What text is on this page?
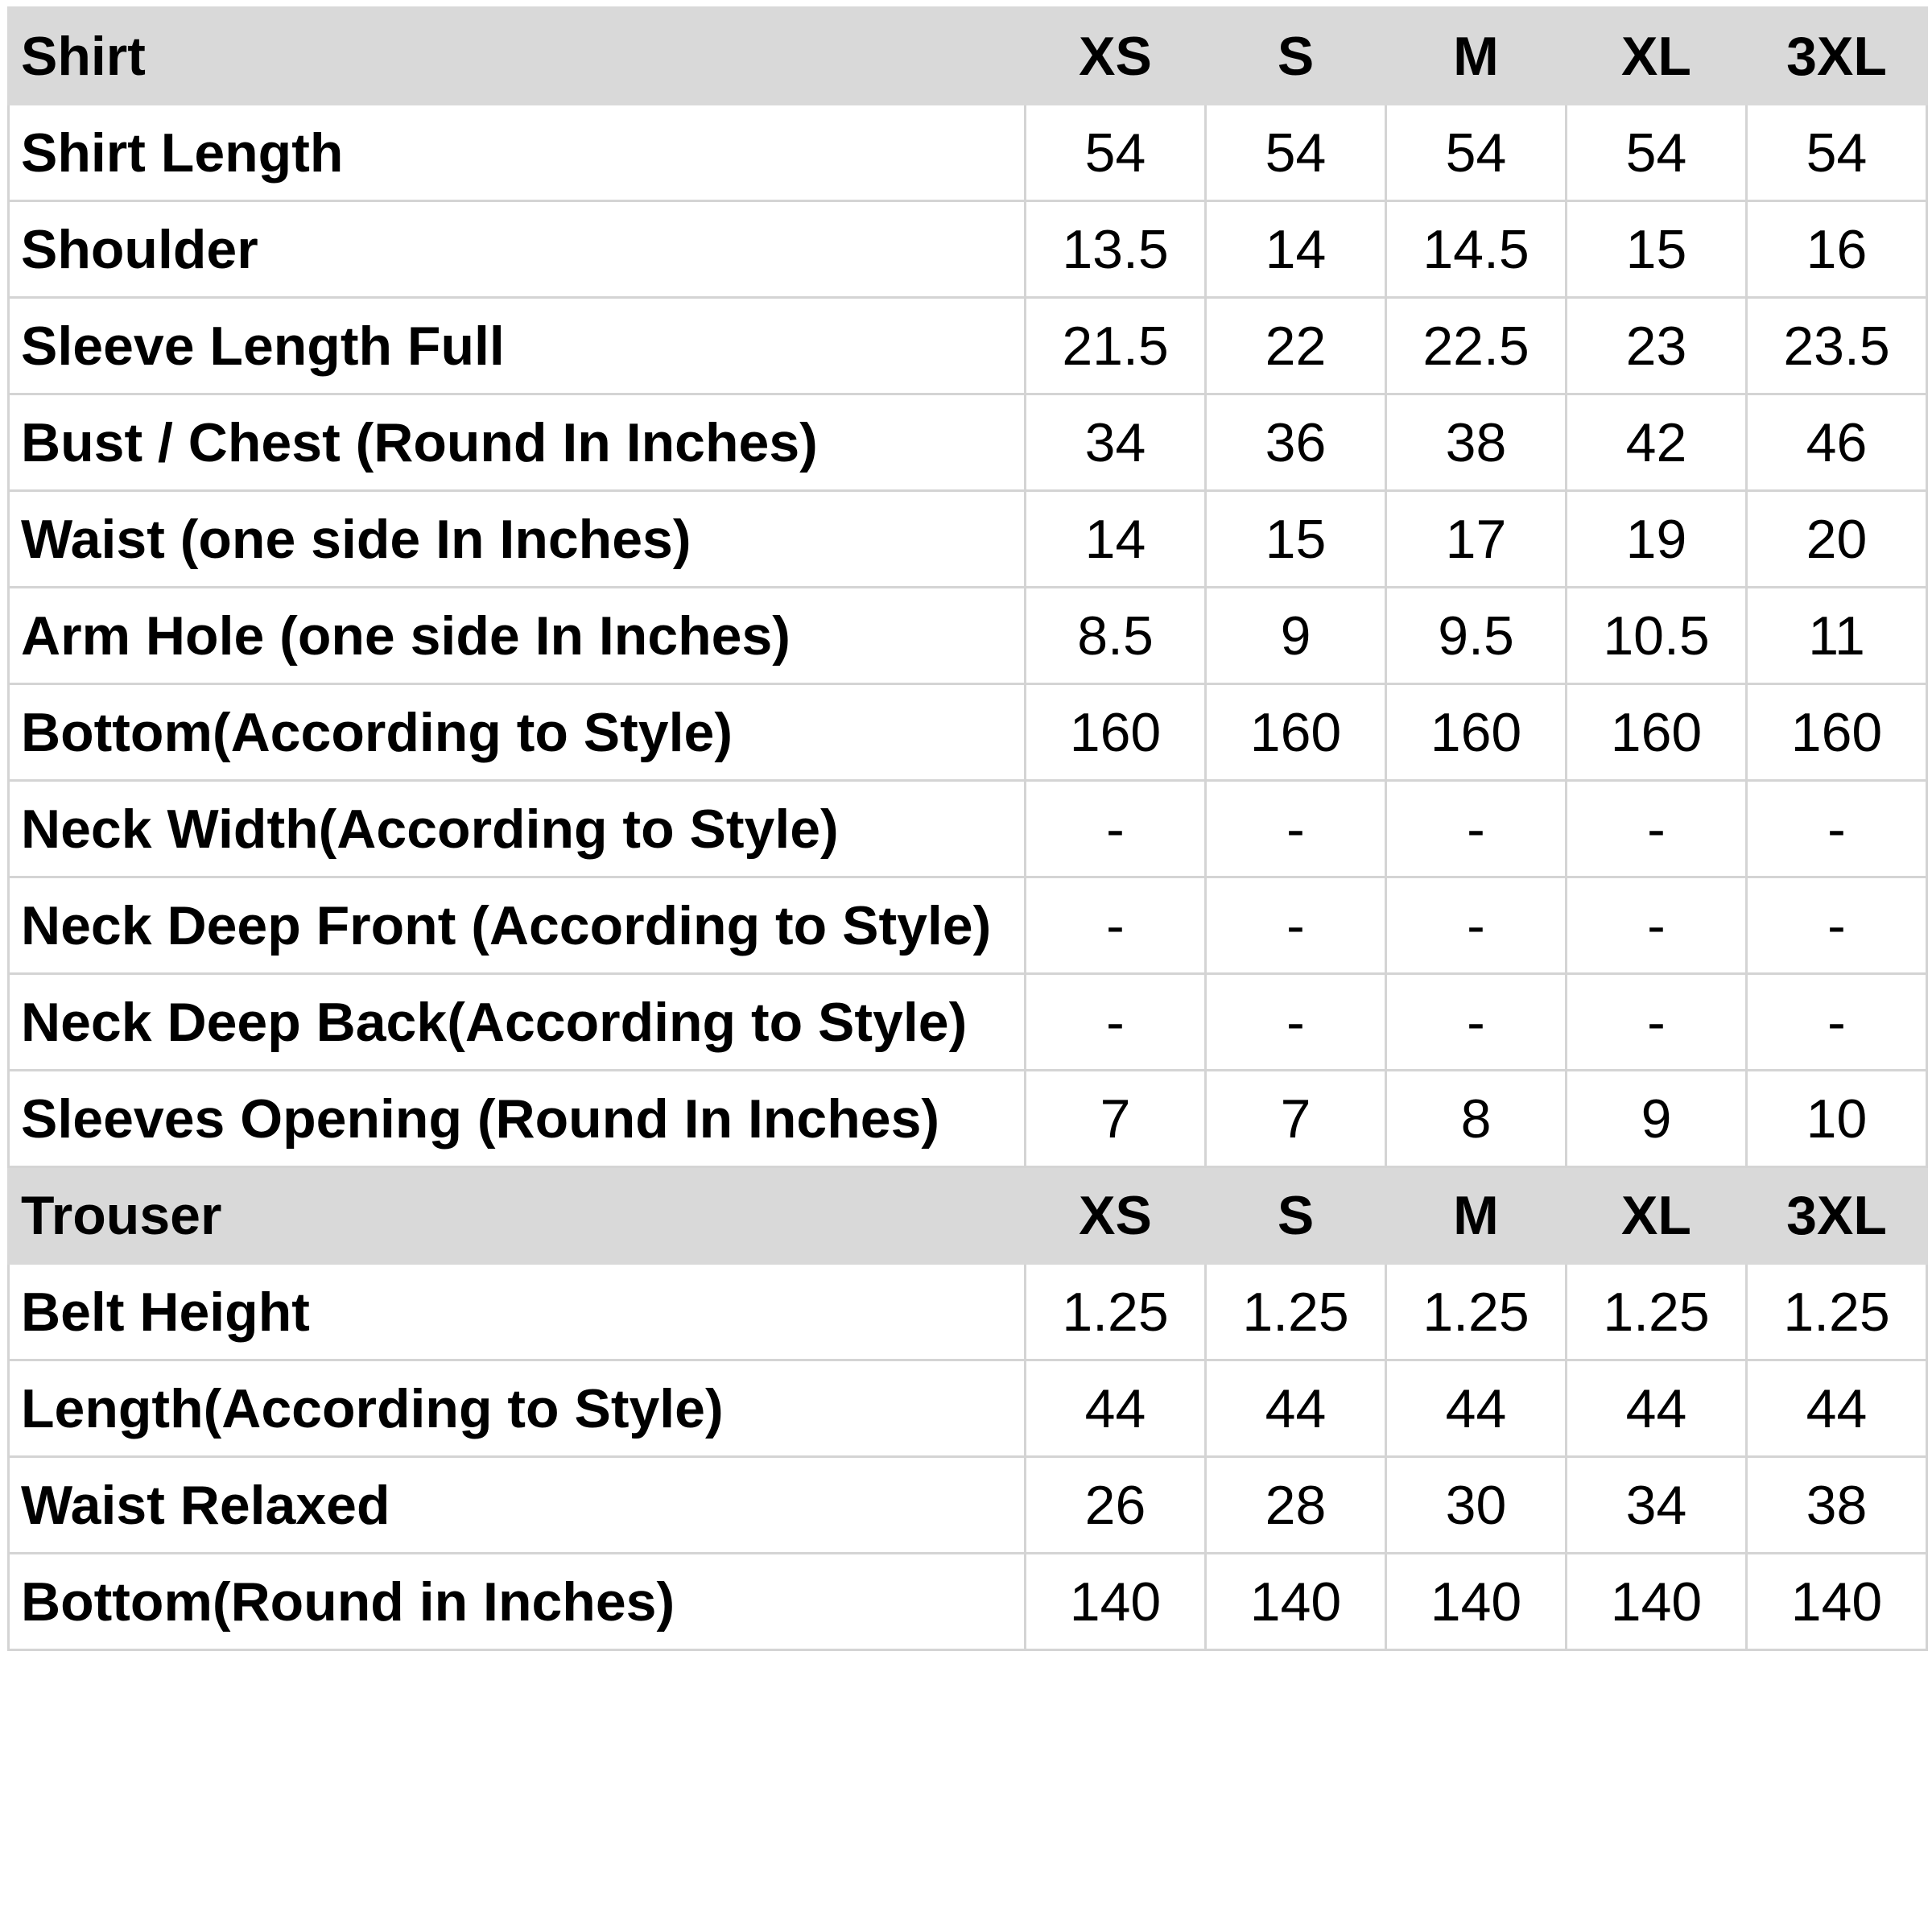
Shirt	XS	S	M	XL	3XL
Shirt Length	54	54	54	54	54
Shoulder	13.5	14	14.5	15	16
Sleeve Length Full	21.5	22	22.5	23	23.5
Bust / Chest (Round In Inches)	34	36	38	42	46
Waist (one side In Inches)	14	15	17	19	20
Arm Hole (one side In Inches)	8.5	9	9.5	10.5	11
Bottom(According to Style)	160	160	160	160	160
Neck Width(According to Style)	-	-	-	-	-
Neck Deep Front (According to Style)	-	-	-	-	-
Neck Deep Back(According to Style)	-	-	-	-	-
Sleeves Opening (Round In Inches)	7	7	8	9	10
Trouser	XS	S	M	XL	3XL
Belt Height	1.25	1.25	1.25	1.25	1.25
Length(According to Style)	44	44	44	44	44
Waist Relaxed	26	28	30	34	38
Bottom(Round in Inches)	140	140	140	140	140
